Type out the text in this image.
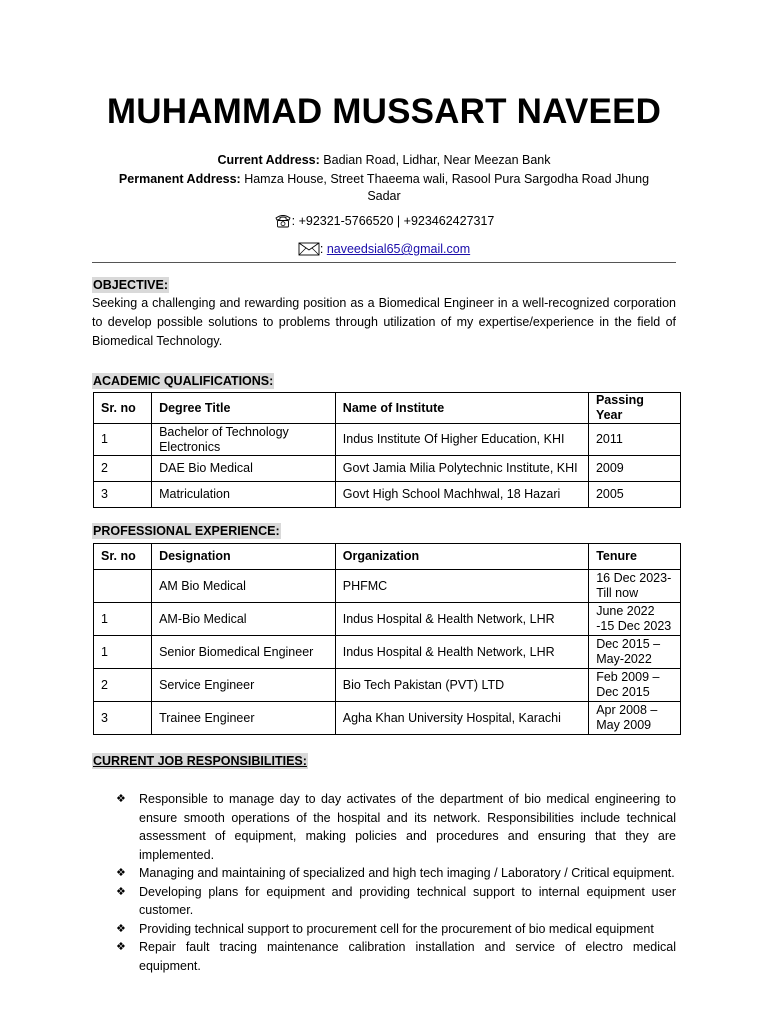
MUHAMMAD MUSSART NAVEED
Current Address: Badian Road, Lidhar, Near Meezan Bank
Permanent Address: Hamza House, Street Thaeema wali, Rasool Pura Sargodha Road Jhung Sadar
: +92321-5766520 | +923462427317
: naveedsial65@gmail.com
OBJECTIVE:
Seeking a challenging and rewarding position as a Biomedical Engineer in a well-recognized corporation to develop possible solutions to problems through utilization of my expertise/experience in the field of Biomedical Technology.
ACADEMIC QUALIFICATIONS:
Sr. no	Degree Title	Name of Institute	Passing Year
1	Bachelor of Technology Electronics	Indus Institute Of Higher Education, KHI	2011
2	DAE Bio Medical	Govt Jamia Milia Polytechnic Institute, KHI	2009
3	Matriculation	Govt High School Machhwal, 18 Hazari	2005
PROFESSIONAL EXPERIENCE:
Sr. no	Designation	Organization	Tenure
	AM Bio Medical	PHFMC	16 Dec 2023-Till now
1	AM-Bio Medical	Indus Hospital & Health Network, LHR	June 2022 -15 Dec 2023
1	Senior Biomedical Engineer	Indus Hospital & Health Network, LHR	Dec 2015 – May-2022
2	Service Engineer	Bio Tech Pakistan (PVT) LTD	Feb 2009 – Dec 2015
3	Trainee Engineer	Agha Khan University Hospital, Karachi	Apr 2008 – May 2009
CURRENT JOB RESPONSIBILITIES:
❖ Responsible to manage day to day activates of the department of bio medical engineering to ensure smooth operations of the hospital and its network. Responsibilities include technical assessment of equipment, making policies and procedures and ensuring that they are implemented.
❖ Managing and maintaining of specialized and high tech imaging / Laboratory / Critical equipment.
❖ Developing plans for equipment and providing technical support to internal equipment user customer.
❖ Providing technical support to procurement cell for the procurement of bio medical equipment
❖ Repair fault tracing maintenance calibration installation and service of electro medical equipment.
